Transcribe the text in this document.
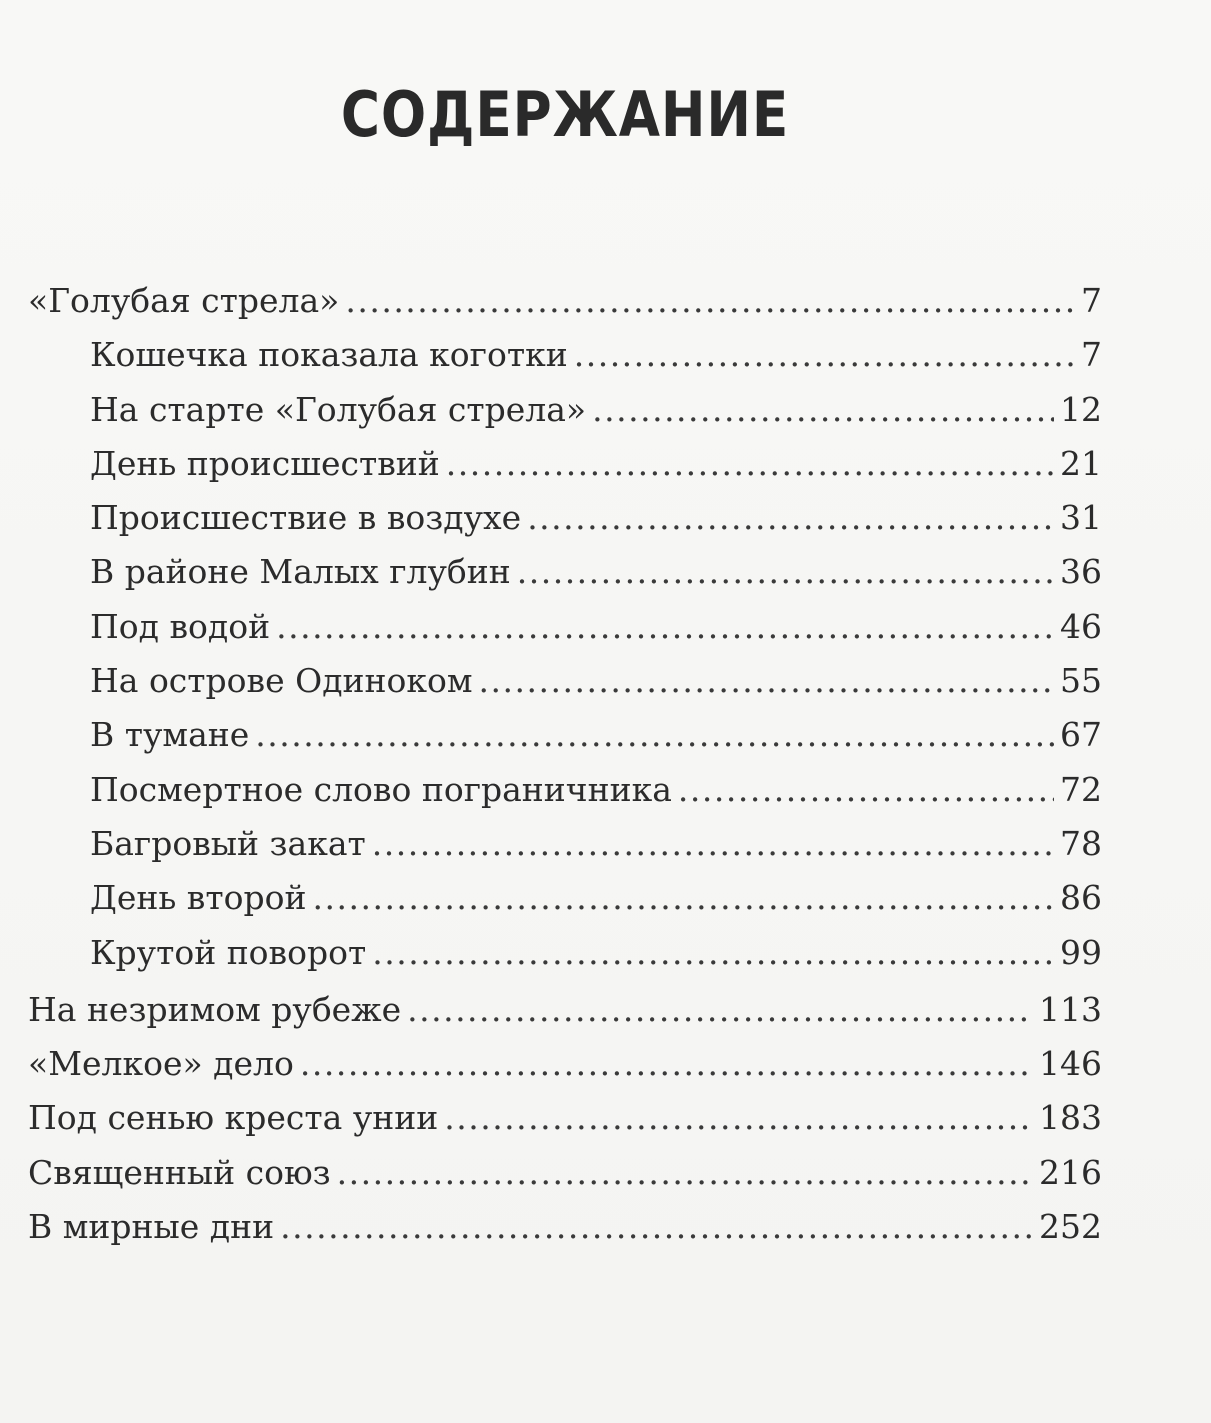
СОДЕРЖАНИЕ
«Голубая стрела» .....	7
Кошечка показала коготки .....	7
На старте «Голубая стрела» .....	12
День происшествий .....	21
Происшествие в воздухе .....	31
В районе Малых глубин .....	36
Под водой .....	46
На острове Одиноком .....	55
В тумане .....	67
Посмертное слово пограничника .....	72
Багровый закат .....	78
День второй .....	86
Крутой поворот .....	99
На незримом рубеже .....	113
«Мелкое» дело .....	146
Под сенью креста унии .....	183
Священный союз .....	216
В мирные дни .....	252
